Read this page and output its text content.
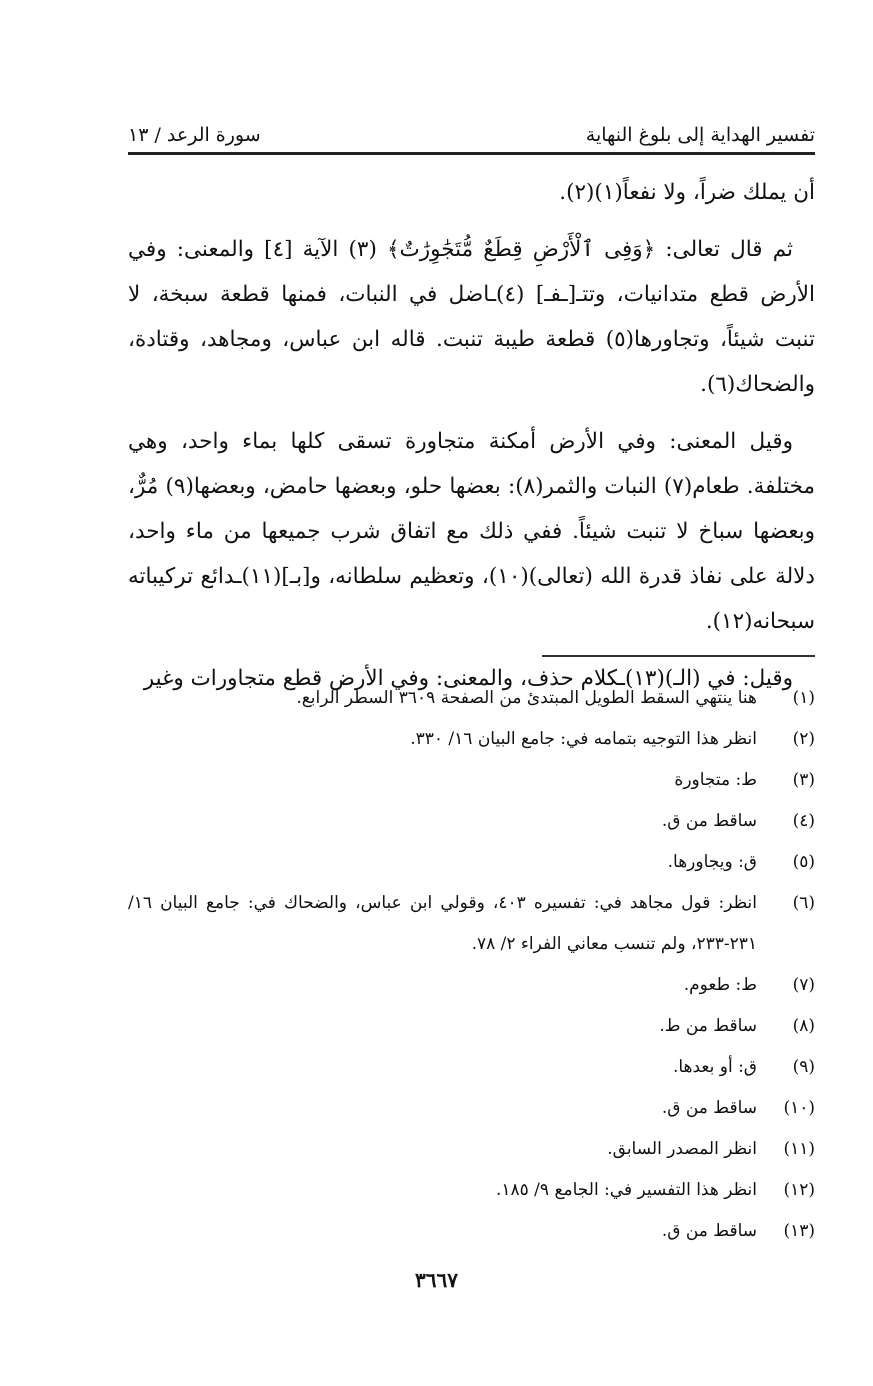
تفسير الهداية إلى بلوغ النهاية
سورة الرعد / ١٣

أن يملك ضراً، ولا نفعاً(١)(٢).

ثم قال تعالى: ﴿وَفِى ٱلْأَرْضِ قِطَعٌ مُّتَجَٰوِرَٰتٌ﴾ (٣) الآية [٤] والمعنى: وفي الأرض قطع متدانيات، وتتـ[ـفـ] (٤)ـاضل في النبات، فمنها قطعة سبخة، لا تنبت شيئاً، وتجاورها(٥) قطعة طيبة تنبت. قاله ابن عباس، ومجاهد، وقتادة، والضحاك(٦).

وقيل المعنى: وفي الأرض أمكنة متجاورة تسقى كلها بماء واحد، وهي مختلفة. طعام(٧) النبات والثمر(٨): بعضها حلو، وبعضها حامض، وبعضها(٩) مُرٌّ، وبعضها سباخ لا تنبت شيئاً. ففي ذلك مع اتفاق شرب جميعها من ماء واحد، دلالة على نفاذ قدرة الله (تعالى)(١٠)، وتعظيم سلطانه، و[بـ](١١)ـدائع تركيباته سبحانه(١٢).

وقيل: في (الـ)(١٣)ـكلام حذف، والمعنى: وفي الأرض قطع متجاورات وغير

(١)
هنا ينتهي السقط الطويل المبتدئ من الصفحة ٣٦٠٩ السطر الرابع.
(٢)
انظر هذا التوجيه بتمامه في: جامع البيان ١٦/ ٣٣٠.
(٣)
ط: متجاورة
(٤)
ساقط من ق.
(٥)
ق: ويجاورها.
(٦)
انظر: قول مجاهد في: تفسيره ٤٠٣، وقولي ابن عباس، والضحاك في: جامع البيان ١٦/ ٢٣١-٢٣٣، ولم تنسب معاني الفراء ٢/ ٧٨.
(٧)
ط: طعوم.
(٨)
ساقط من ط.
(٩)
ق: أو بعدها.
(١٠)
ساقط من ق.
(١١)
انظر المصدر السابق.
(١٢)
انظر هذا التفسير في: الجامع ٩/ ١٨٥.
(١٣)
ساقط من ق.
٣٦٦٧
